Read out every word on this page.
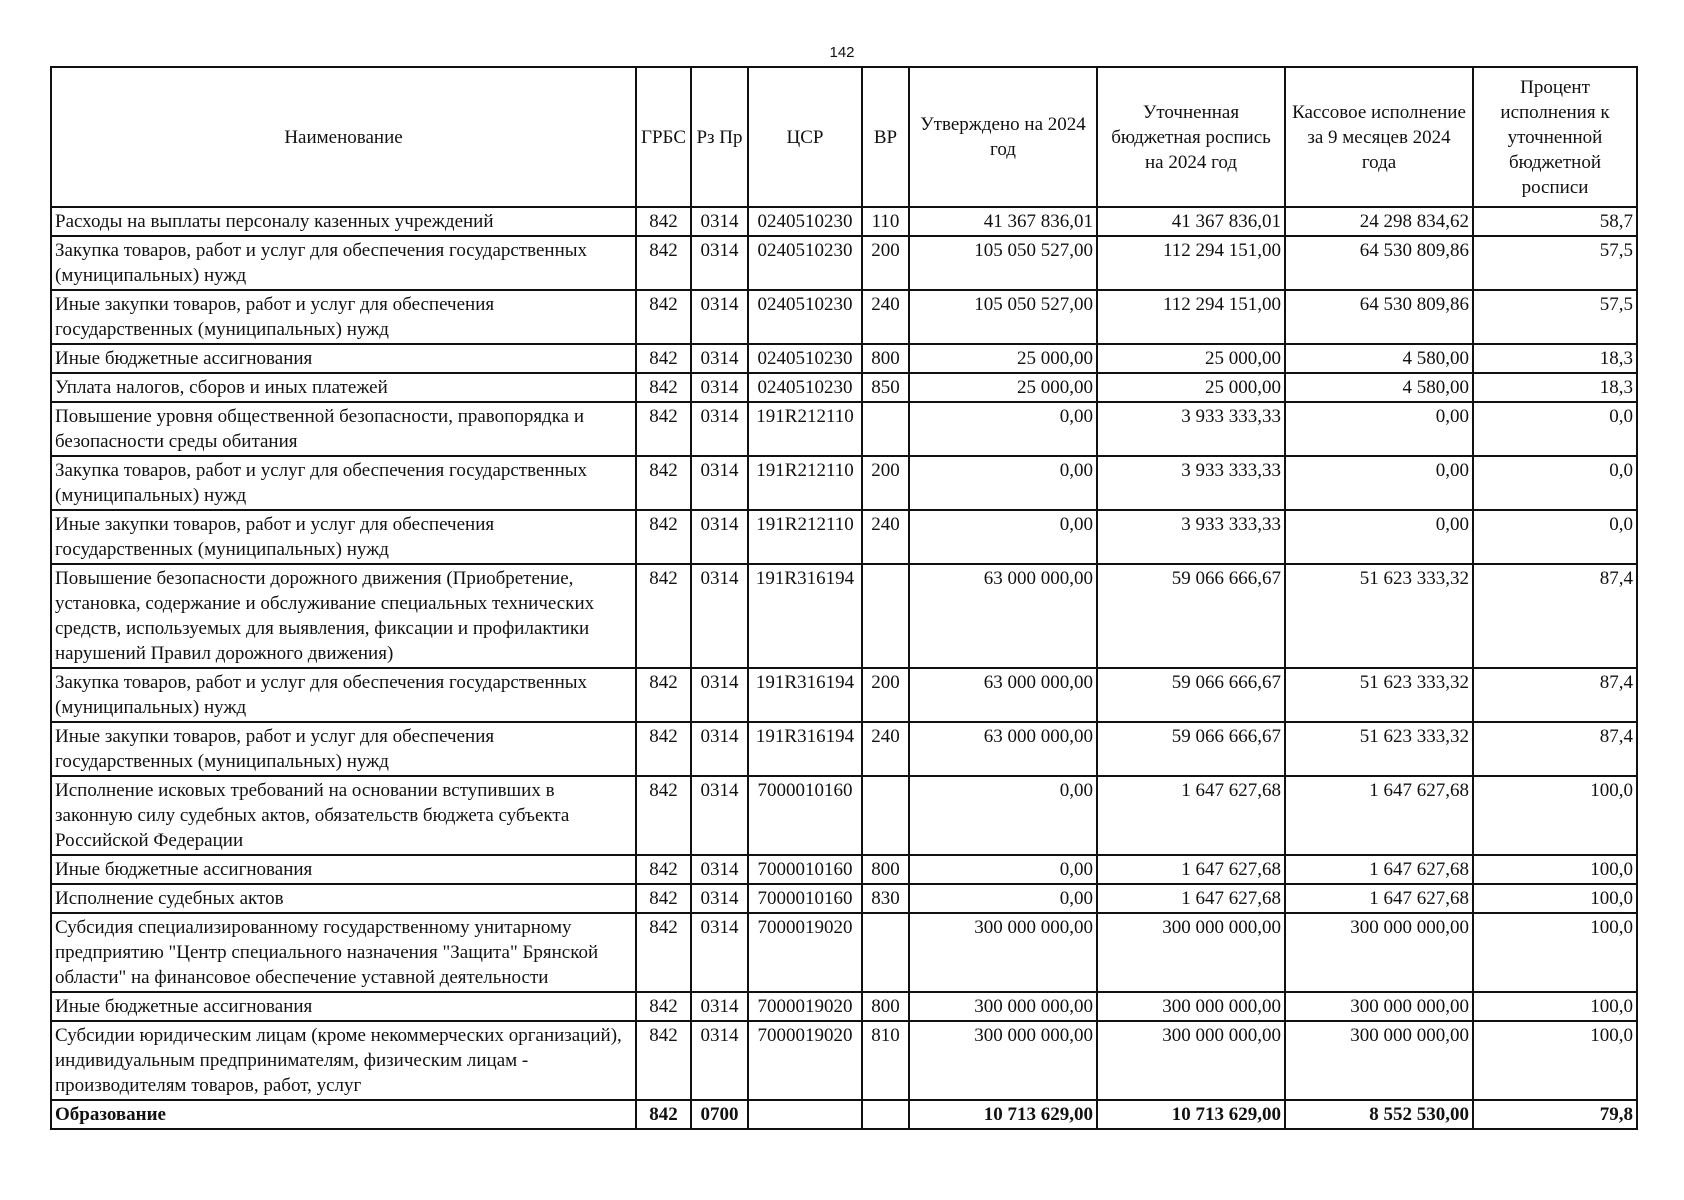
142
Наименование	ГРБС	Рз Пр	ЦСР	ВР	Утверждено на 2024 год	Уточненная бюджетная роспись на 2024 год	Кассовое исполнение за 9 месяцев 2024 года	Процент исполнения к уточненной бюджетной росписи
Расходы на выплаты персоналу казенных учреждений	842	0314	0240510230	110	41 367 836,01	41 367 836,01	24 298 834,62	58,7
Закупка товаров, работ и услуг для обеспечения государственных (муниципальных) нужд	842	0314	0240510230	200	105 050 527,00	112 294 151,00	64 530 809,86	57,5
Иные закупки товаров, работ и услуг для обеспечения государственных (муниципальных) нужд	842	0314	0240510230	240	105 050 527,00	112 294 151,00	64 530 809,86	57,5
Иные бюджетные ассигнования	842	0314	0240510230	800	25 000,00	25 000,00	4 580,00	18,3
Уплата налогов, сборов и иных платежей	842	0314	0240510230	850	25 000,00	25 000,00	4 580,00	18,3
Повышение уровня общественной безопасности, правопорядка и безопасности среды обитания	842	0314	191R212110		0,00	3 933 333,33	0,00	0,0
Закупка товаров, работ и услуг для обеспечения государственных (муниципальных) нужд	842	0314	191R212110	200	0,00	3 933 333,33	0,00	0,0
Иные закупки товаров, работ и услуг для обеспечения государственных (муниципальных) нужд	842	0314	191R212110	240	0,00	3 933 333,33	0,00	0,0
Повышение безопасности дорожного движения (Приобретение, установка, содержание и обслуживание специальных технических средств, используемых для выявления, фиксации и профилактики нарушений Правил дорожного движения)	842	0314	191R316194		63 000 000,00	59 066 666,67	51 623 333,32	87,4
Закупка товаров, работ и услуг для обеспечения государственных (муниципальных) нужд	842	0314	191R316194	200	63 000 000,00	59 066 666,67	51 623 333,32	87,4
Иные закупки товаров, работ и услуг для обеспечения государственных (муниципальных) нужд	842	0314	191R316194	240	63 000 000,00	59 066 666,67	51 623 333,32	87,4
Исполнение исковых требований на основании вступивших в законную силу судебных актов, обязательств бюджета субъекта Российской Федерации	842	0314	7000010160		0,00	1 647 627,68	1 647 627,68	100,0
Иные бюджетные ассигнования	842	0314	7000010160	800	0,00	1 647 627,68	1 647 627,68	100,0
Исполнение судебных актов	842	0314	7000010160	830	0,00	1 647 627,68	1 647 627,68	100,0
Субсидия специализированному государственному унитарному предприятию "Центр специального назначения "Защита" Брянской области" на финансовое обеспечение уставной деятельности	842	0314	7000019020		300 000 000,00	300 000 000,00	300 000 000,00	100,0
Иные бюджетные ассигнования	842	0314	7000019020	800	300 000 000,00	300 000 000,00	300 000 000,00	100,0
Субсидии юридическим лицам (кроме некоммерческих организаций), индивидуальным предпринимателям, физическим лицам - производителям товаров, работ, услуг	842	0314	7000019020	810	300 000 000,00	300 000 000,00	300 000 000,00	100,0
Образование	842	0700			10 713 629,00	10 713 629,00	8 552 530,00	79,8
